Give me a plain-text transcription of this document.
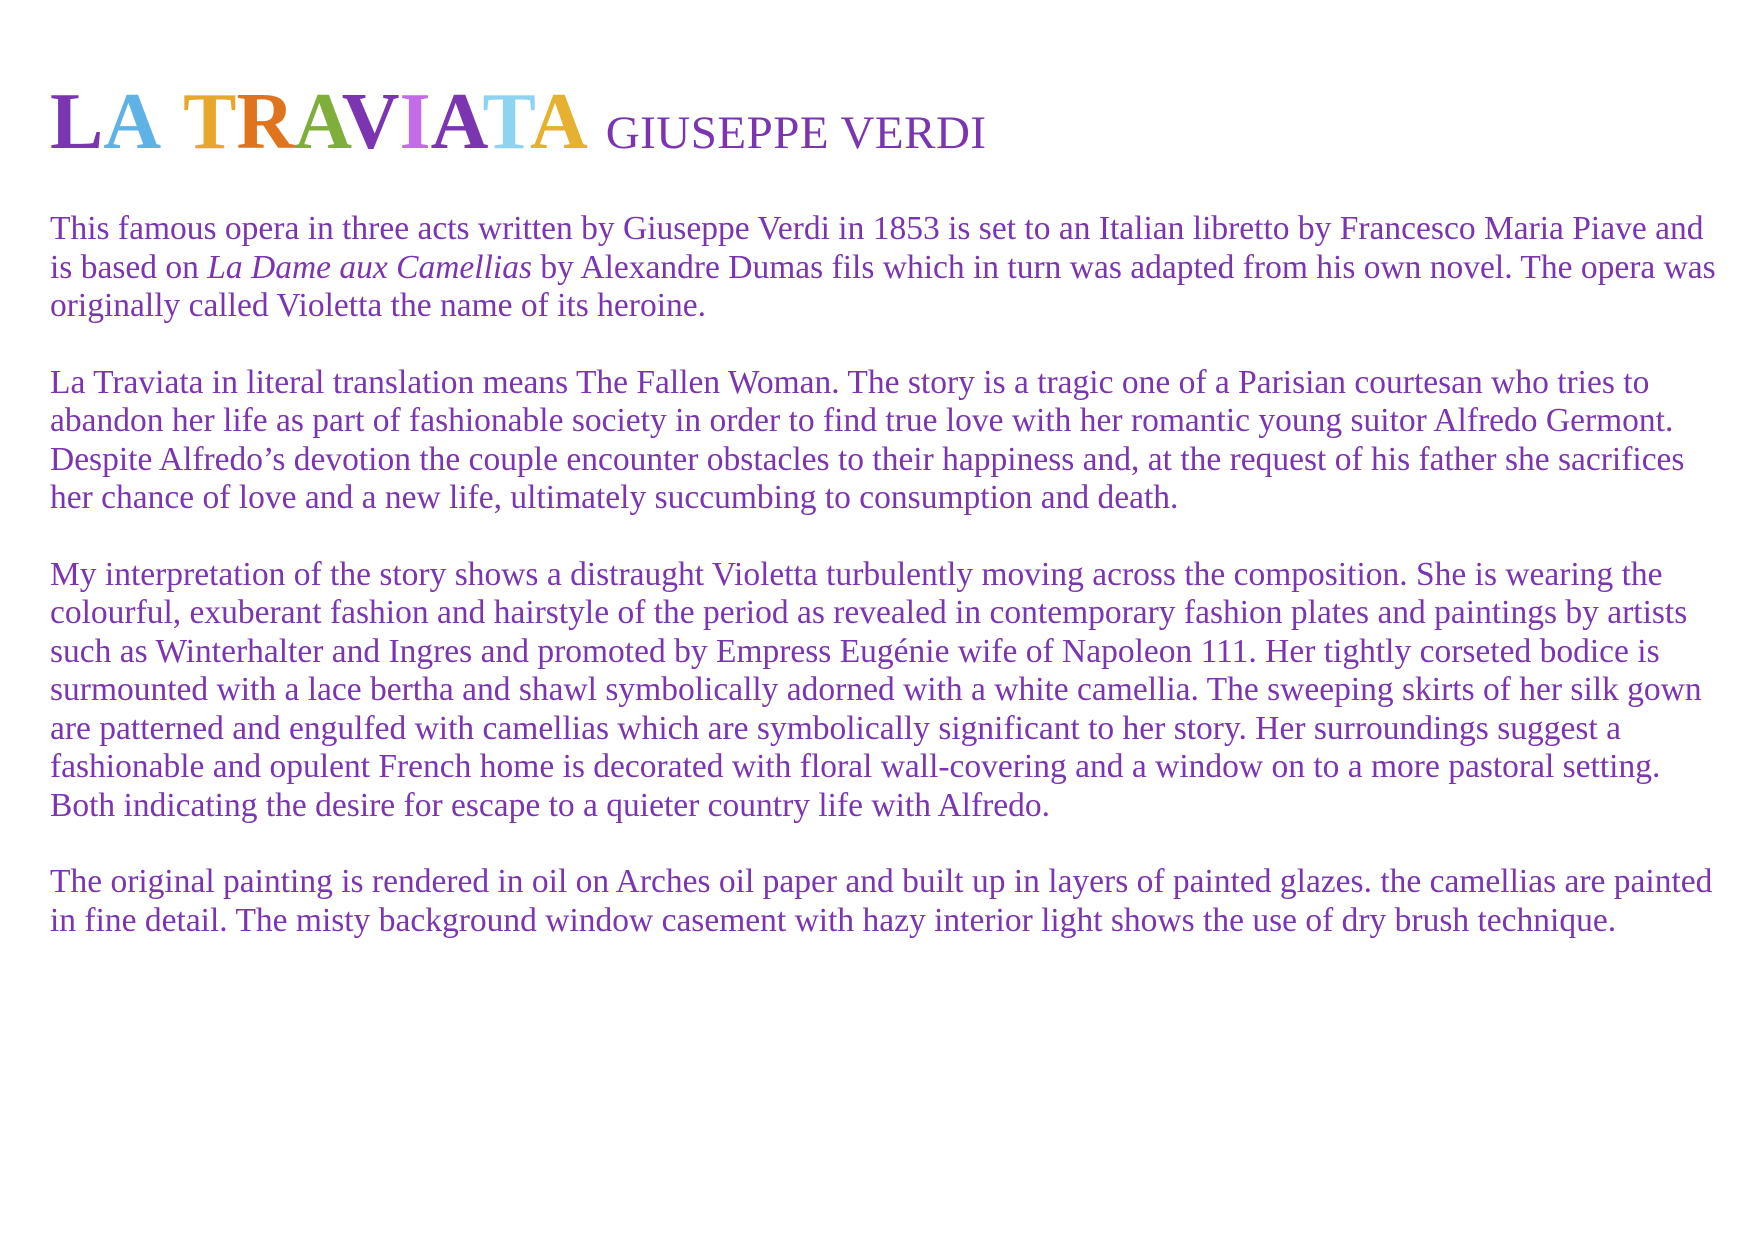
LA TRAVIATA GIUSEPPE VERDI

This famous opera in three acts written by Giuseppe Verdi in 1853 is set to an Italian libretto by Francesco Maria Piave and is based on La Dame aux Camellias by Alexandre Dumas fils which in turn was adapted from his own novel. The opera was originally called Violetta the name of its heroine.

La Traviata in literal translation means The Fallen Woman. The story is a tragic one of a Parisian courtesan who tries to abandon her life as part of fashionable society in order to find true love with her romantic young suitor Alfredo Germont. Despite Alfredo’s devotion the couple encounter obstacles to their happiness and, at the request of his father she sacrifices her chance of love and a new life, ultimately succumbing to consumption and death.

My interpretation of the story shows a distraught Violetta turbulently moving across the composition. She is wearing the colourful, exuberant fashion and hairstyle of the period as revealed in contemporary fashion plates and paintings by artists such as Winterhalter and Ingres and promoted by Empress Eugénie wife of Napoleon 111. Her tightly corseted bodice is surmounted with a lace bertha and shawl symbolically adorned with a white camellia. The sweeping skirts of her silk gown are patterned and engulfed with camellias which are symbolically significant to her story. Her surroundings suggest a fashionable and opulent French home is decorated with floral wall-covering and a window on to a more pastoral setting. Both indicating the desire for escape to a quieter country life with Alfredo.

The original painting is rendered in oil on Arches oil paper and built up in layers of painted glazes. the camellias are painted in fine detail. The misty background window casement with hazy interior light shows the use of dry brush technique.
